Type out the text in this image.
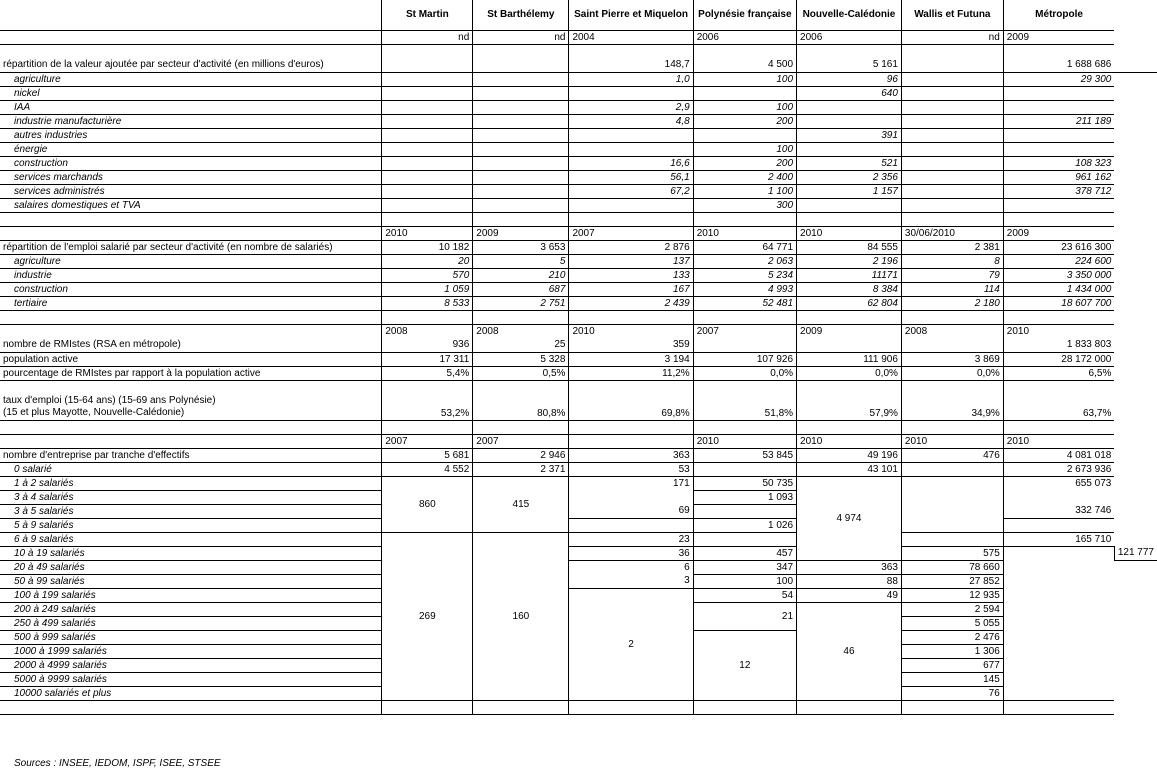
	St Martin	St Barthélemy	Saint Pierre et Miquelon	Polynésie française	Nouvelle-Calédonie	Wallis et Futuna	Métropole	
	nd	nd	2004	2006	2006	nd	2009	

répartition de la valeur ajoutée par secteur d'activité (en millions d'euros)			148,7	4 500	5 161		1 688 686	
agriculture			1,0	100	96		29 300	
nickel					640			
IAA			2,9	100				
industrie manufacturière			4,8	200			211 189	
autres industries					391			
énergie				100				
construction			16,6	200	521		108 323	
services marchands			56,1	2 400	2 356		961 162	
services administrés			67,2	1 100	1 157		378 712	
salaires domestiques et TVA				300				

	2010	2009	2007	2010	2010	30/06/2010	2009	
répartition de l'emploi salarié par secteur d'activité (en nombre de salariés)	10 182	3 653	2 876	64 771	84 555	2 381	23 616 300	
agriculture	20	5	137	2 063	2 196	8	224 600	
industrie	570	210	133	5 234	11171	79	3 350 000	
construction	1 059	687	167	4 993	8 384	114	1 434 000	
tertiaire	8 533	2 751	2 439	52 481	62 804	2 180	18 607 700	

	2008	2008	2010	2007	2009	2008	2010	
nombre de RMIstes (RSA en métropole)	936	25	359				1 833 803	
population active	17 311	5 328	3 194	107 926	111 906	3 869	28 172 000	
pourcentage de RMIstes par rapport à la population active	5,4%	0,5%	11,2%	0,0%	0,0%	0,0%	6,5%	

taux d'emploi (15-64 ans) (15-69 ans Polynésie)
(15 et plus Mayotte, Nouvelle-Calédonie)	53,2%	80,8%	69,8%	51,8%	57,9%	34,9%	63,7%	

	2007	2007		2010	2010	2010	2010	
nombre d'entreprise par tranche d'effectifs	5 681	2 946	363	53 845	49 196	476	4 081 018	
0 salarié	4 552	2 371	53		43 101		2 673 936	
1 à 2 salariés	860	415	171	50 735	4 974		655 073	
3 à 4 salariés				1 093				
3 à 5 salariés			69				332 746	
5 à 9 salariés				1 026				
6 à 9 salariés	269	160	23				165 710	
10 à 19 salariés			36	457		575		121 777
20 à 49 salariés			6	347	363	78 660		
50 à 99 salariés			3	100	88	27 852		
100 à 199 salariés			2	54	49	12 935		
200 à 249 salariés				21	46	2 594		
250 à 499 salariés						5 055		
500 à 999 salariés				12		2 476		
1000 à 1999 salariés						1 306		
2000 à 4999 salariés						677		
5000 à 9999 salariés						145		
10000 salariés et plus						76		

Sources : INSEE, IEDOM, ISPF, ISEE, STSEE
